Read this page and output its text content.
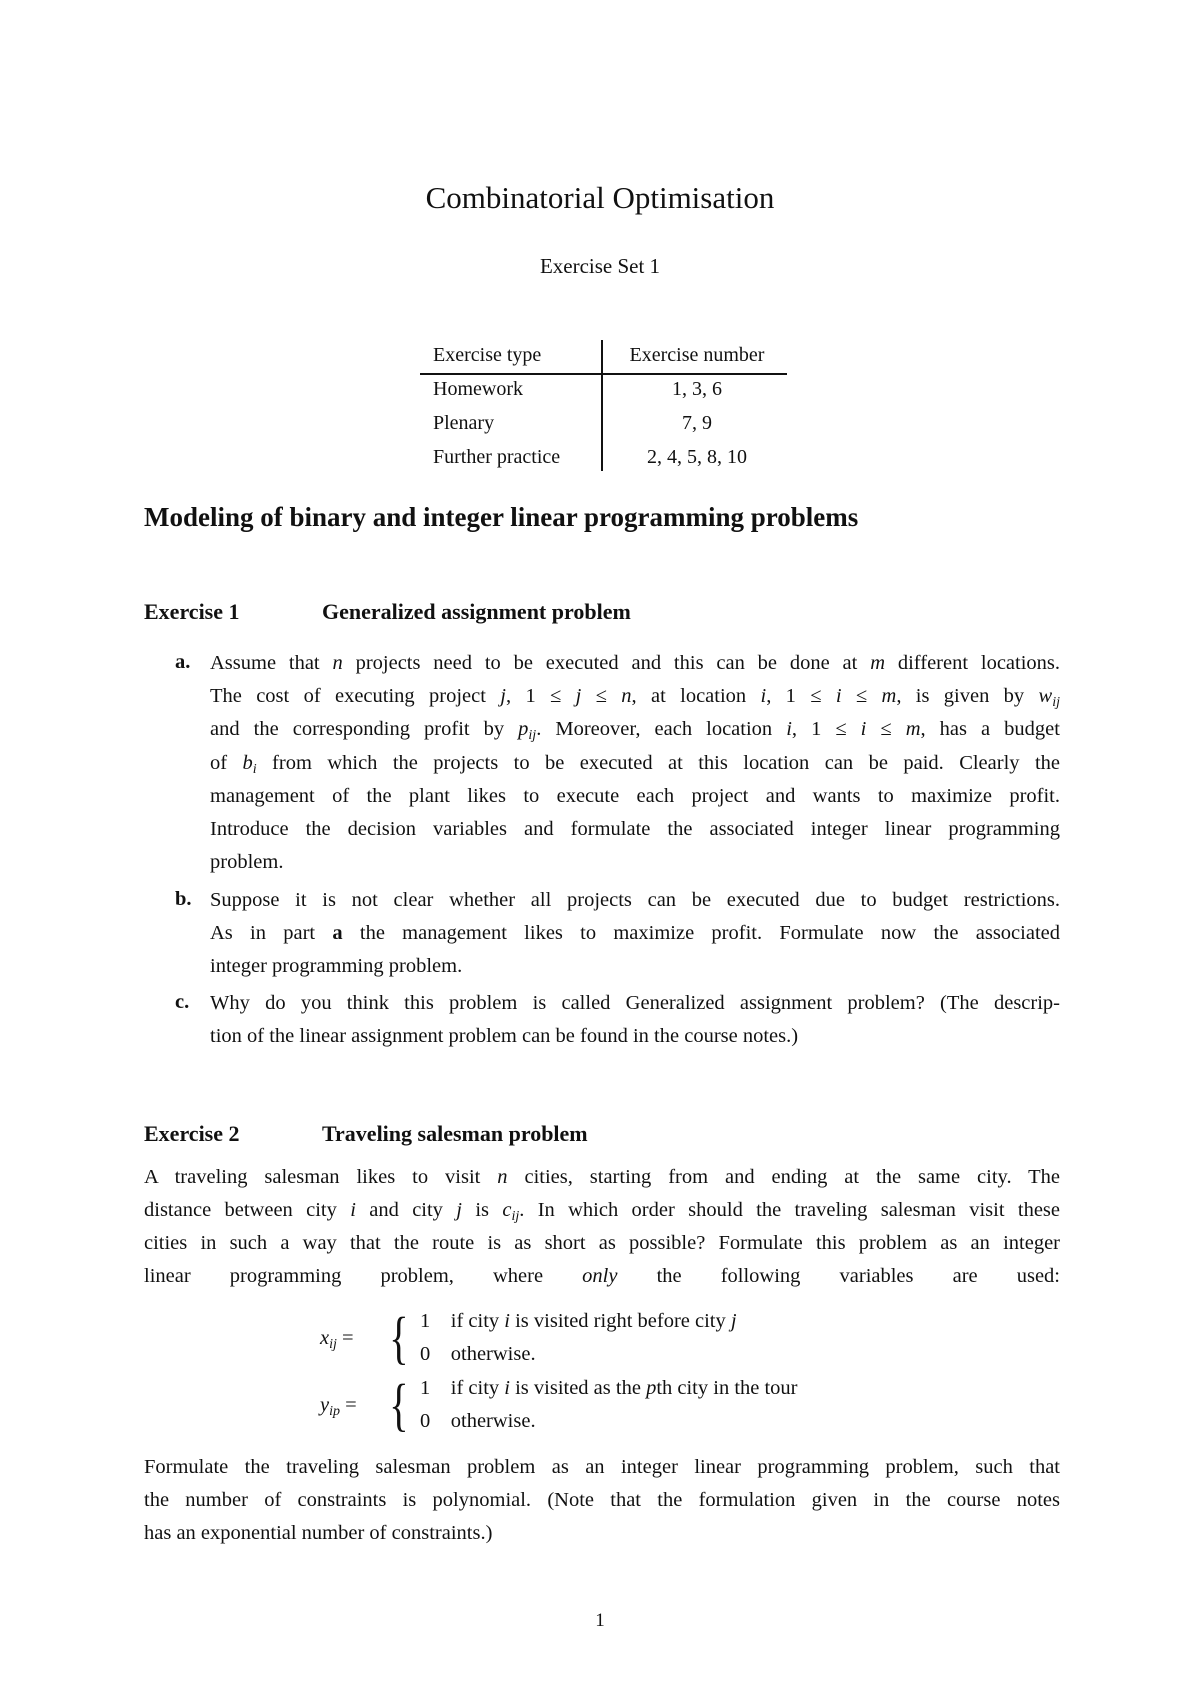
Combinatorial Optimisation
Exercise Set 1
Exercise type	Exercise number
Homework	1, 3, 6
Plenary	7, 9
Further practice	2, 4, 5, 8, 10
Modeling of binary and integer linear programming problems
Exercise 1	Generalized assignment problem
a. Assume that n projects need to be executed and this can be done at m different locations.
The cost of executing project j, 1 ≤ j ≤ n, at location i, 1 ≤ i ≤ m, is given by wij
and the corresponding profit by pij. Moreover, each location i, 1 ≤ i ≤ m, has a budget
of bi from which the projects to be executed at this location can be paid. Clearly the
management of the plant likes to execute each project and wants to maximize profit.
Introduce the decision variables and formulate the associated integer linear programming
problem.
b. Suppose it is not clear whether all projects can be executed due to budget restrictions.
As in part a the management likes to maximize profit. Formulate now the associated
integer programming problem.
c. Why do you think this problem is called Generalized assignment problem? (The descrip-
tion of the linear assignment problem can be found in the course notes.)
Exercise 2	Traveling salesman problem
A traveling salesman likes to visit n cities, starting from and ending at the same city. The
distance between city i and city j is cij. In which order should the traveling salesman visit these
cities in such a way that the route is as short as possible? Formulate this problem as an integer
linear programming problem, where only the following variables are used:
xij = { 1    if city i is visited right before city j
0    otherwise.
yip = { 1    if city i is visited as the pth city in the tour
0    otherwise.
Formulate the traveling salesman problem as an integer linear programming problem, such that
the number of constraints is polynomial. (Note that the formulation given in the course notes
has an exponential number of constraints.)
1
